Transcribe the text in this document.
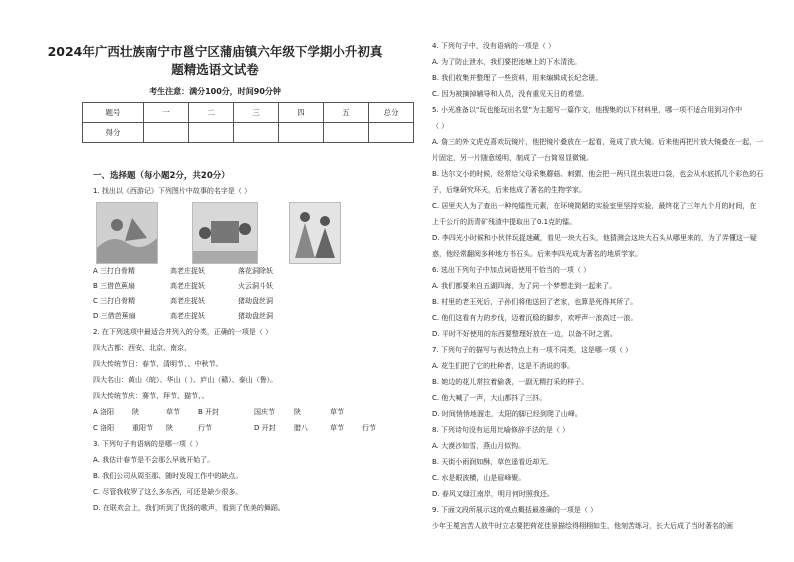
2024年广西壮族南宁市邕宁区蒲庙镇六年级下学期小升初真
题精选语文试卷
考生注意：满分100分，时间90分钟
题号	一	二	三	四	五	总分
得分						
一、选择题（每小题2分，共20分）
1. 找出以《西游记》下列图片中故事的名字是（ ）
A 三打白骨精	高老庄捉妖	落花洞除妖
B 三借芭蕉扇	高老庄捉妖	火云洞斗妖
C 三打白骨精	高老庄捉妖	猪劫盘丝洞
D 三借芭蕉扇	高老庄捉妖	猪劫盘丝洞
2. 在下列选项中最适合并列入的分类，正确的一项是（ ）
四大古都：西安、北京、南京、
四大传统节日：春节、清明节、、中秋节。
四大名山：黄山（皖）、华山（ ）、庐山（赣）、泰山（鲁）。
四大传统节庆：赛节、拜节、猫节、。
A 洛阳	陕	草节	B 开封	国庆节	陕	草节
C 洛阳	重阳节 陕	行节	D 开封	腊八	草节	行节
3. 下列句子有语病的是哪一项（ ）
A. 我估计春节是不会那么早就开始了。
B. 我们公司从周至那、随时发现工作中的缺点。
C. 尽管我收罗了这么多东西，可还是缺少很多。
D. 在联欢会上，我们听到了优扬的歌声，看到了优美的舞蹈。
4. 下列句子中，没有语病的一项是（ ）
A. 为了防止泄水，我们要把池塘上的下水清洗。
B. 我们收集并整理了一些资料，用来编辑成长纪念册。
C. 因为被摘掉辅导和人员，没有重见天日的希望。
5. 小光准备以“玩也能玩出名堂”为主题写一篇作文，他搜集的以下材料里，哪一项不适合用到习作中
（ ）
A. 詹三的外文虎克喜欢玩镜片，他把镜片叠放在一起看，竟成了放大镜。后来他再把片放大镜叠在一起，一
片固定，另一片随意缓明，制成了一台简易显微镜。
B. 达尔文小的时候，经常给父母采集蘑菇、刺猬，他会把一两只昆虫装进口袋，也会从水底抓几个彩色的石
子，后继研究环天，后来他成了著名的生物学家。
C. 居里夫人为了查出一种纯镭性元素，在环境简陋的实验室里坚持实验，最终花了三年九个月的时间，在
上千公斤的沥青矿残渣中提取出了0.1克的镭。
D. 李四光小时候和小伙伴玩捉迷藏，看见一块大石头，他猜测会这块大石头从哪里来的，为了弄懂这一疑
惑，他经常翻阅多种地方书石头。后来李四光成为著名的地质学家。
6. 选出下列句子中加点词语使用不恰当的一项（ ）
A. 我们都要来自五湖四海，为了同一个梦想走到一起来了。
B. 村里的老王死后，子孙们将他送回了老家，也算是死得其所了。
C. 他们这看有力的步伐，迈着沉稳的脚步，欢呼声一浪高过一浪。
D. 平时不好使用的东西要整理好放在一边，以备不时之需。
7. 下列句子的描写与表达特点上有一项不同类，这是哪一项（ ）
A. 花生们把了它的杜种者，这是不消说的事。
B. 她边的花儿常拉着偷袭，一副无精打采的样子。
C. 他大喊了一声，大山都抖了三抖。
D. 时间悄悄地溜走，太阳的脚已经到爬了山峰。
8. 下列诗句没有运用比喻修辞手法的是（ ）
A. 大漠沙如雪，燕山月似钩。
B. 天街小雨润如酥，草色遥看近却无。
C. 水是眼波横，山是眉峰聚。
D. 春风又绿江南岸，明月何时照我还。
9. 下面文段所展示这的观点概括最准确的一项是（ ）
少年王冕宫苦人放牛时立志要把荷花佳景描绘得栩栩如生，他刻苦练习，长大后成了当时著名的画
